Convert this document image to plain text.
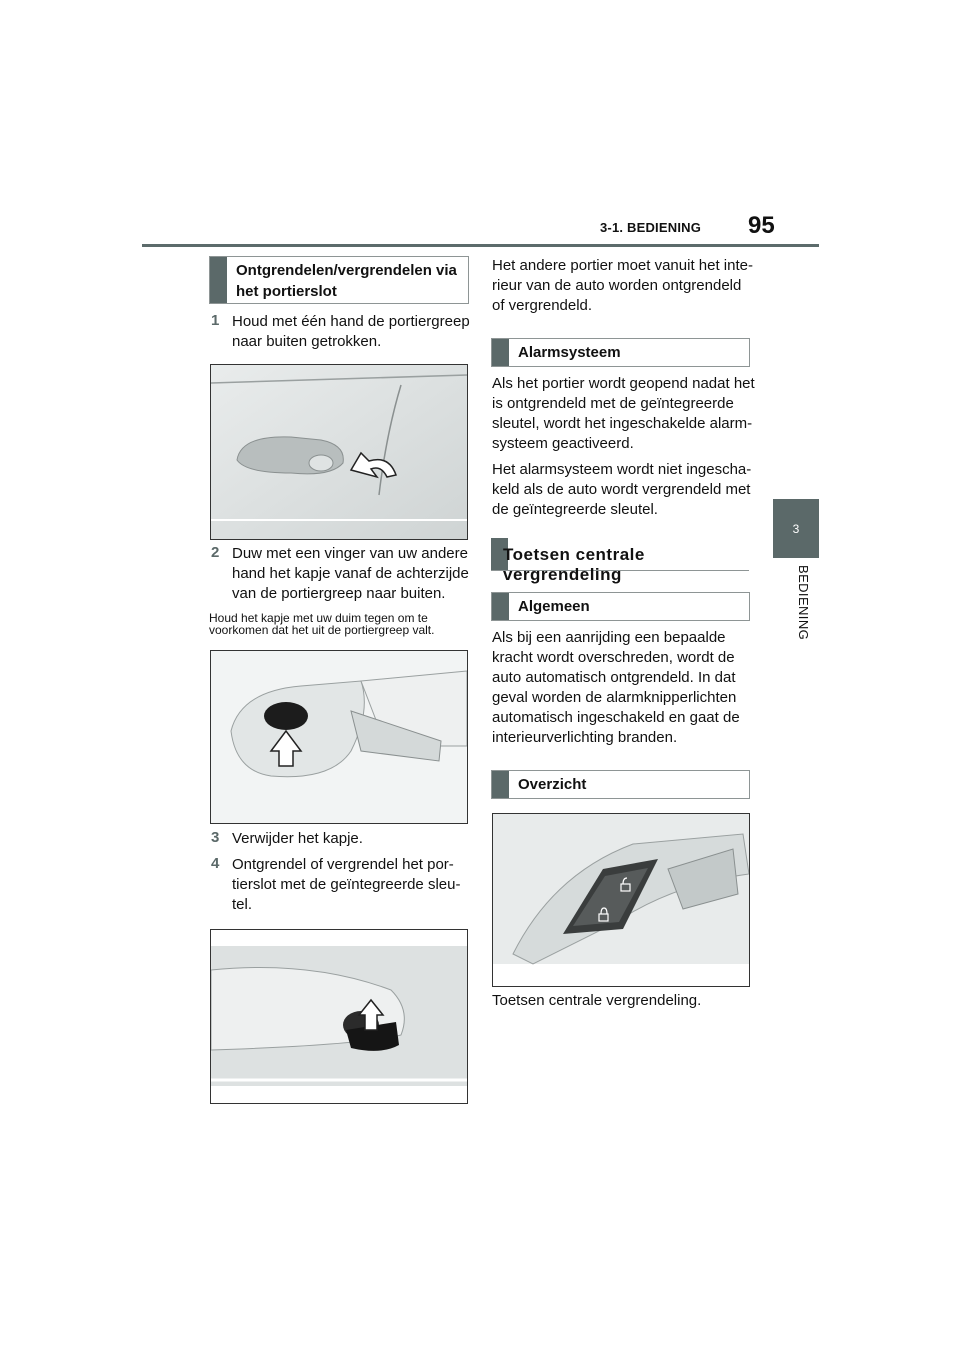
3-1. BEDIENING 95
3
BEDIENING
Ontgrendelen/vergrendelen via het portierslot
1 Houd met één hand de portiergreep
naar buiten getrokken.
2 Duw met een vinger van uw andere
hand het kapje vanaf de achterzijde
van de portiergreep naar buiten.
Houd het kapje met uw duim tegen om te
voorkomen dat het uit de portiergreep valt.
3 Verwijder het kapje.
4 Ontgrendel of vergrendel het por-
tierslot met de geïntegreerde sleu-
tel.
Het andere portier moet vanuit het inte-
rieur van de auto worden ontgrendeld
of vergrendeld.
Alarmsysteem
Als het portier wordt geopend nadat het
is ontgrendeld met de geïntegreerde
sleutel, wordt het ingeschakelde alarm-
systeem geactiveerd.
Het alarmsysteem wordt niet ingescha-
keld als de auto wordt vergrendeld met
de geïntegreerde sleutel.
Toetsen centrale vergrendeling
Algemeen
Als bij een aanrijding een bepaalde
kracht wordt overschreden, wordt de
auto automatisch ontgrendeld. In dat
geval worden de alarmknipperlichten
automatisch ingeschakeld en gaat de
interieurverlichting branden.
Overzicht
Toetsen centrale vergrendeling.
